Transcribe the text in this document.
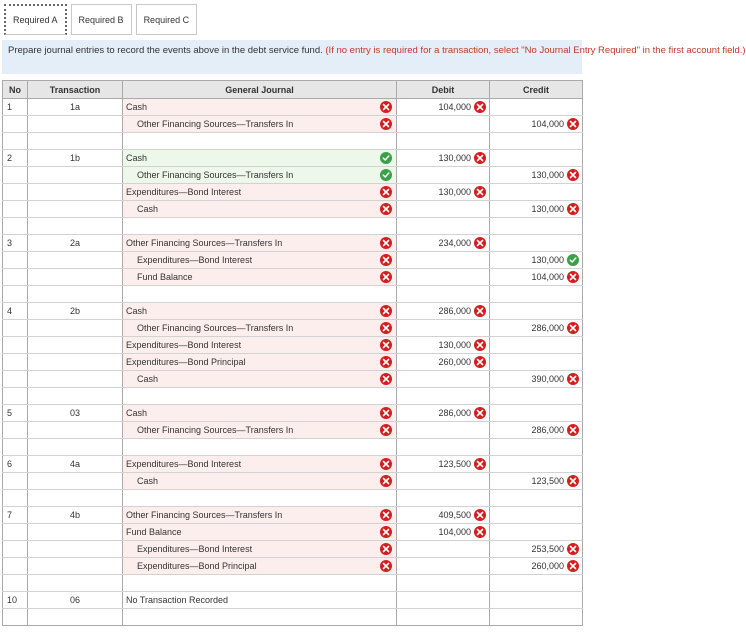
Required A	Required B	Required C
Prepare journal entries to record the events above in the debt service fund. (If no entry is required for a transaction, select "No Journal Entry Required" in the first account field.)
No	Transaction	General Journal	Debit	Credit
1	1a	Cash	104,000	

		Other Financing Sources—Transfers In		104,000

2	1b	Cash	130,000	

		Other Financing Sources—Transfers In		130,000

		Expenditures—Bond Interest	130,000	

		Cash		130,000

3	2a	Other Financing Sources—Transfers In	234,000	

		Expenditures—Bond Interest		130,000

		Fund Balance		104,000

4	2b	Cash	286,000	

		Other Financing Sources—Transfers In		286,000

		Expenditures—Bond Interest	130,000	

		Expenditures—Bond Principal	260,000	

		Cash		390,000

5	03	Cash	286,000	

		Other Financing Sources—Transfers In		286,000

6	4a	Expenditures—Bond Interest	123,500	

		Cash		123,500

7	4b	Other Financing Sources—Transfers In	409,500	

		Fund Balance	104,000	

		Expenditures—Bond Interest		253,500

		Expenditures—Bond Principal		260,000

10	06	No Transaction Recorded		
